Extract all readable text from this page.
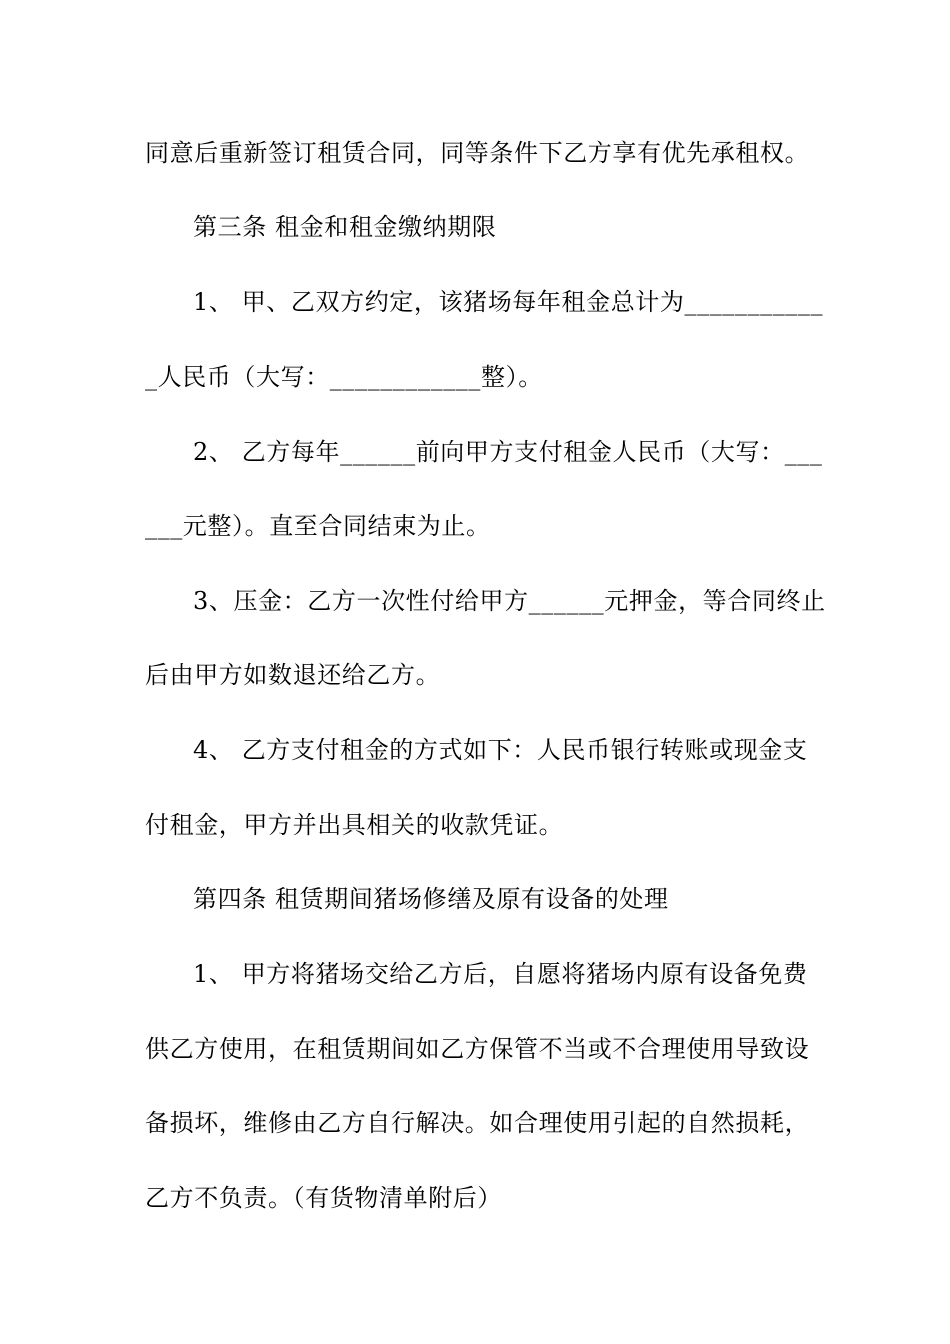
同意后重新签订租赁合同，同等条件下乙方享有优先承租权。
第三条 租金和租金缴纳期限
1、 甲、乙双方约定，该猪场每年租金总计为___________
_人民币（大写：____________整）。
2、 乙方每年______前向甲方支付租金人民币（大写：___
___元整）。直至合同结束为止。
3、压金：乙方一次性付给甲方______元押金，等合同终止
后由甲方如数退还给乙方。
4、 乙方支付租金的方式如下：人民币银行转账或现金支
付租金，甲方并出具相关的收款凭证。
第四条 租赁期间猪场修缮及原有设备的处理
1、 甲方将猪场交给乙方后，自愿将猪场内原有设备免费
供乙方使用，在租赁期间如乙方保管不当或不合理使用导致设
备损坏，维修由乙方自行解决。如合理使用引起的自然损耗，
乙方不负责。（有货物清单附后）
